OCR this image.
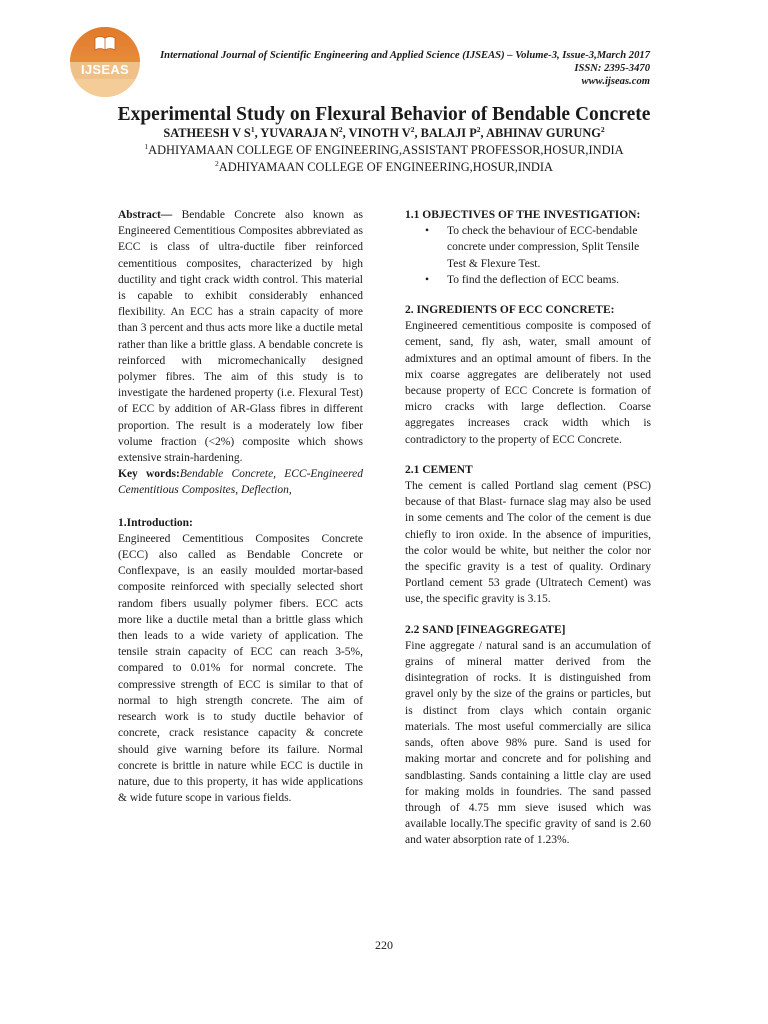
IJSEAS
International Journal of Scientific Engineering and Applied Science (IJSEAS) – Volume-3, Issue-3,March 2017
ISSN: 2395-3470
www.ijseas.com
Experimental Study on Flexural Behavior of Bendable Concrete
SATHEESH V $S^1$, YUVARAJA $N^2$, VINOTH $V^2$, BALAJI $P^2$, ABHINAV GURUNG$^2$
$^1$ADHIYAMAAN COLLEGE OF ENGINEERING,ASSISTANT PROFESSOR,HOSUR,INDIA
$^2$ADHIYAMAAN COLLEGE OF ENGINEERING,HOSUR,INDIA

Abstract— Bendable Concrete also known as Engineered Cementitious Composites abbreviated as ECC is class of ultra-ductile fiber reinforced cementitious composites, characterized by high ductility and tight crack width control. This material is capable to exhibit considerably enhanced flexibility. An ECC has a strain capacity of more than 3 percent and thus acts more like a ductile metal rather than like a brittle glass. A bendable concrete is reinforced with micromechanically designed polymer fibres. The aim of this study is to investigate the hardened property (i.e. Flexural Test) of ECC by addition of AR-Glass fibres in different proportion. The result is a moderately low fiber volume fraction (<2%) composite which shows extensive strain-hardening.

Key words:Bendable Concrete, ECC-Engineered Cementitious Composites, Deflection,

1.Introduction:

Engineered Cementitious Composites Concrete (ECC) also called as Bendable Concrete or Conflexpave, is an easily moulded mortar-based composite reinforced with specially selected short random fibers usually polymer fibers. ECC acts more like a ductile metal than a brittle glass which then leads to a wide variety of application. The tensile strain capacity of ECC can reach 3-5%, compared to 0.01% for normal concrete. The compressive strength of ECC is similar to that of normal to high strength concrete. The aim of research work is to study ductile behavior of concrete, crack resistance capacity & concrete should give warning before its failure. Normal concrete is brittle in nature while ECC is ductile in nature, due to this property, it has wide applications & wide future scope in various fields.

1.1 OBJECTIVES OF THE INVESTIGATION:

• To check the behaviour of ECC-bendable concrete under compression, Split Tensile Test & Flexure Test.
• To find the deflection of ECC beams.

2. INGREDIENTS OF ECC CONCRETE:

Engineered cementitious composite is composed of cement, sand, fly ash, water, small amount of admixtures and an optimal amount of fibers. In the mix coarse aggregates are deliberately not used because property of ECC Concrete is formation of micro cracks with large deflection. Coarse aggregates increases crack width which is contradictory to the property of ECC Concrete.

2.1 CEMENT

The cement is called Portland slag cement (PSC) because of that Blast- furnace slag may also be used in some cements and The color of the cement is due chiefly to iron oxide. In the absence of impurities, the color would be white, but neither the color nor the specific gravity is a test of quality. Ordinary Portland cement 53 grade (Ultratech Cement) was use, the specific gravity is 3.15.

2.2 SAND [FINEAGGREGATE]

Fine aggregate / natural sand is an accumulation of grains of mineral matter derived from the disintegration of rocks. It is distinguished from gravel only by the size of the grains or particles, but is distinct from clays which contain organic materials. The most useful commercially are silica sands, often above 98% pure. Sand is used for making mortar and concrete and for polishing and sandblasting. Sands containing a little clay are used for making molds in foundries. The sand passed through of 4.75 mm sieve isused which was available locally.The specific gravity of sand is 2.60 and water absorption rate of 1.23%.

220
